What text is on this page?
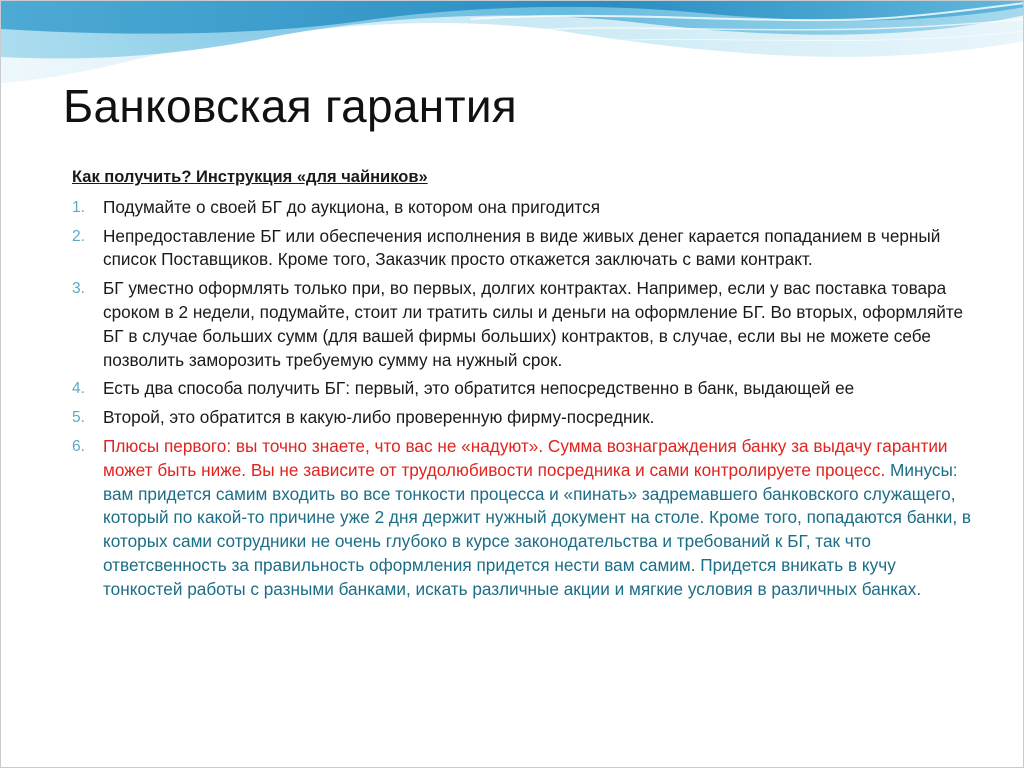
Банковская гарантия

Как получить? Инструкция «для чайников»

1. Подумайте о своей БГ до аукциона, в котором она пригодится
2. Непредоставление БГ или обеспечения исполнения в виде живых денег карается попаданием в черный список Поставщиков. Кроме того, Заказчик просто откажется заключать с вами контракт.
3. БГ уместно оформлять только при, во первых, долгих контрактах. Например, если у вас поставка товара сроком в 2 недели, подумайте, стоит ли тратить силы и деньги на оформление БГ. Во вторых, оформляйте БГ в случае больших сумм (для вашей фирмы больших) контрактов, в случае, если вы не можете себе позволить заморозить требуемую сумму на нужный срок.
4. Есть два способа получить БГ: первый, это обратится непосредственно в банк, выдающей ее
5. Второй, это обратится в какую-либо проверенную фирму-посредник.
6. Плюсы первого: вы точно знаете, что вас не «надуют». Сумма вознаграждения банку за выдачу гарантии может быть ниже. Вы не зависите от трудолюбивости посредника и сами контролируете процесс. Минусы: вам придется самим входить во все тонкости процесса и «пинать» задремавшего банковского служащего, который по какой-то причине уже 2 дня держит нужный документ на столе. Кроме того, попадаются банки, в которых сами сотрудники не очень глубоко в курсе законодательства и требований к БГ, так что ответсвенность за правильность оформления придется нести вам самим. Придется вникать в кучу тонкостей работы с разными банками, искать различные акции и мягкие условия в различных банках.
